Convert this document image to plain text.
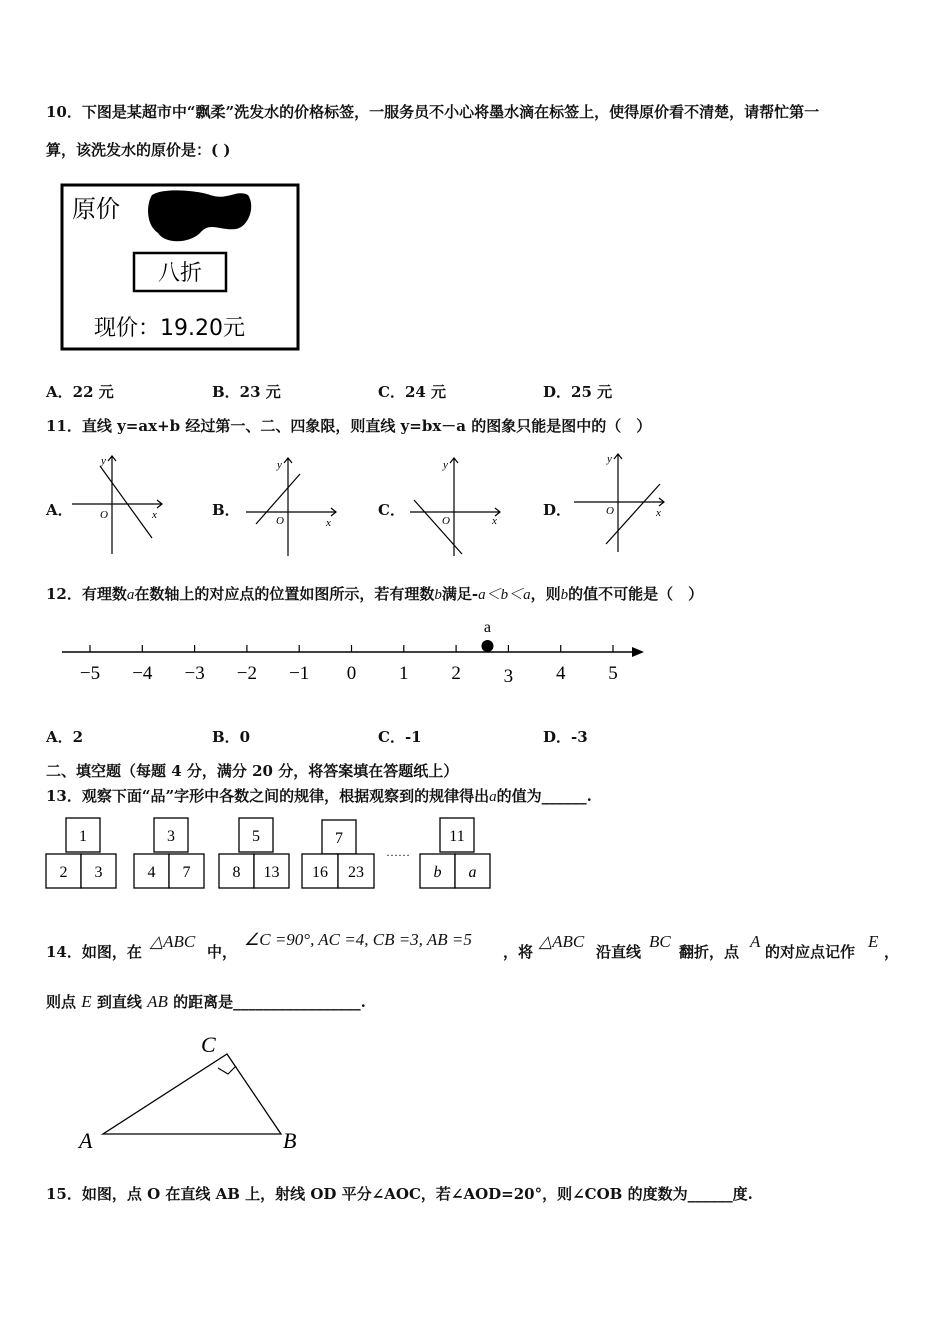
10．下图是某超市中“飘柔”洗发水的价格标签，一服务员不小心将墨水滴在标签上，使得原价看不清楚，请帮忙第一
算，该洗发水的原价是：( )
原价
八折
现价：19.20元
A．22 元	B．23 元	C．24 元	D．25 元
11．直线 y=ax+b 经过第一、二、四象限，则直线 y=bx－a 的图象只能是图中的（　）
A．
y
x
O	B．
y
x
O
C．
y
x
O
D．
y
x
O
12．有理数a在数轴上的对应点的位置如图所示，若有理数b满足-a＜b＜a，则b的值不可能是（　）
−5 −4 −3 −2 −1 0 1 2 3 4 5
a
A．2	B．0	C．-1	D．-3
二、填空题（每题 4 分，满分 20 分，将答案填在答题纸上）
13．观察下面“品”字形中各数之间的规律，根据观察到的规律得出a的值为______.
1
2 3
3
4 7
5
8 13
7
16 23
11
b a
……
14．如图，在
△ABC
中，
∠C =90°, AC =4, CB =3, AB =5
，将
△ABC
沿直线
BC
翻折，点
A
的对应点记作
E
，
则点 E 到直线 AB 的距离是_________________.
C
A	B
15．如图，点 O 在直线 AB 上，射线 OD 平分∠AOC，若∠AOD=20°，则∠COB 的度数为______度.
